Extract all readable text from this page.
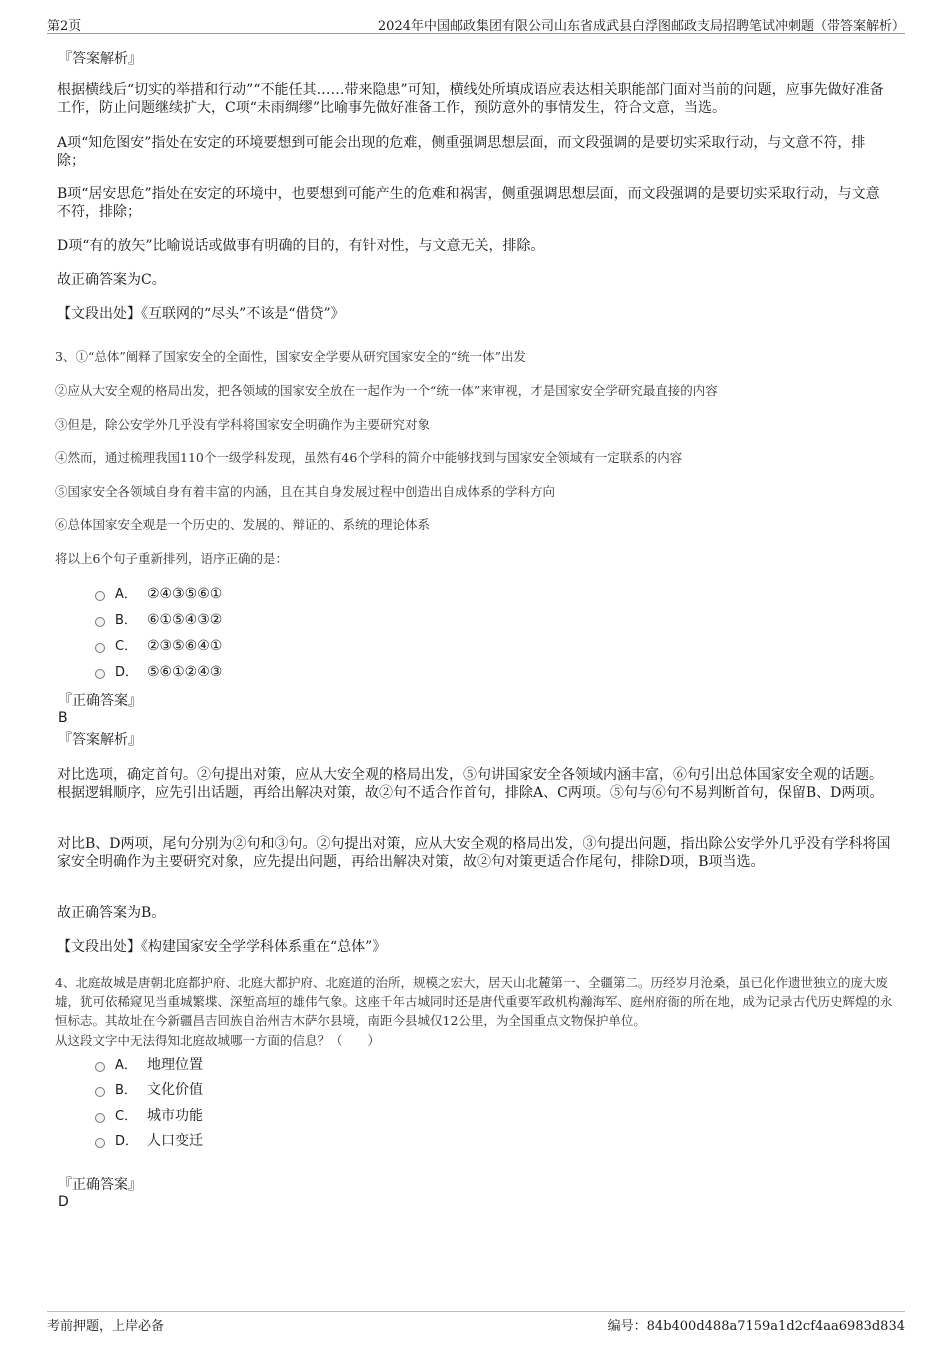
第2页	2024年中国邮政集团有限公司山东省成武县白浮图邮政支局招聘笔试冲刺题（带答案解析）
『答案解析』
根据横线后“切实的举措和行动”“不能任其……带来隐患”可知，横线处所填成语应表达相关职能部门面对当前的问题，应事先做好准备工作，防止问题继续扩大，C项“未雨绸缪”比喻事先做好准备工作，预防意外的事情发生，符合文意，当选。
A项“知危图安”指处在安定的环境要想到可能会出现的危难，侧重强调思想层面，而文段强调的是要切实采取行动，与文意不符，排除；
B项“居安思危”指处在安定的环境中，也要想到可能产生的危难和祸害，侧重强调思想层面，而文段强调的是要切实采取行动，与文意不符，排除；
D项“有的放矢”比喻说话或做事有明确的目的，有针对性，与文意无关，排除。
故正确答案为C。
【文段出处】《互联网的“尽头”不该是“借贷”》
3、①“总体”阐释了国家安全的全面性，国家安全学要从研究国家安全的“统一体”出发
②应从大安全观的格局出发，把各领域的国家安全放在一起作为一个“统一体”来审视，才是国家安全学研究最直接的内容
③但是，除公安学外几乎没有学科将国家安全明确作为主要研究对象
④然而，通过梳理我国110个一级学科发现，虽然有46个学科的简介中能够找到与国家安全领域有一定联系的内容
⑤国家安全各领域自身有着丰富的内涵，且在其自身发展过程中创造出自成体系的学科方向
⑥总体国家安全观是一个历史的、发展的、辩证的、系统的理论体系
将以上6个句子重新排列，语序正确的是：
A． ②④③⑤⑥①
B． ⑥①⑤④③②
C． ②③⑤⑥④①
D． ⑤⑥①②④③
『正确答案』
B
『答案解析』
对比选项，确定首句。②句提出对策，应从大安全观的格局出发，⑤句讲国家安全各领域内涵丰富，⑥句引出总体国家安全观的话题。根据逻辑顺序，应先引出话题，再给出解决对策，故②句不适合作首句，排除A、C两项。⑤句与⑥句不易判断首句，保留B、D两项。
对比B、D两项，尾句分别为②句和③句。②句提出对策，应从大安全观的格局出发，③句提出问题，指出除公安学外几乎没有学科将国家安全明确作为主要研究对象，应先提出问题，再给出解决对策，故②句对策更适合作尾句，排除D项，B项当选。
故正确答案为B。
【文段出处】《构建国家安全学学科体系重在“总体”》
4、北庭故城是唐朝北庭都护府、北庭大都护府、北庭道的治所，规模之宏大，居天山北麓第一、全疆第二。历经岁月沧桑，虽已化作遗世独立的庞大废墟，犹可依稀窥见当重城繁堞、深堑高垣的雄伟气象。这座千年古城同时还是唐代重要军政机构瀚海军、庭州府衙的所在地，成为记录古代历史辉煌的永恒标志。其故址在今新疆昌吉回族自治州吉木萨尔县境，南距今县城仅12公里，为全国重点文物保护单位。
从这段文字中无法得知北庭故城哪一方面的信息？（　　）
A． 地理位置
B． 文化价值
C． 城市功能
D． 人口变迁
『正确答案』
D
考前押题，上岸必备	编号：84b400d488a7159a1d2cf4aa6983d834
